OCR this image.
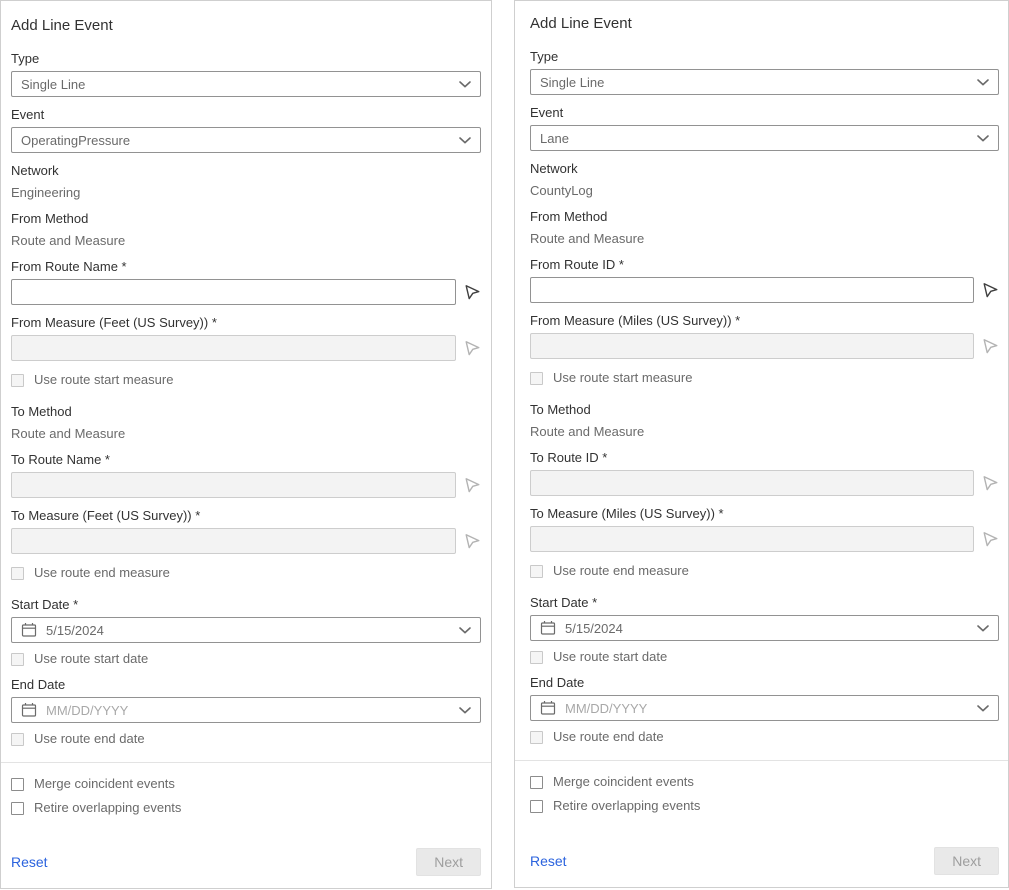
Add Line Event
Type
Single Line
Event
OperatingPressure
Network
Engineering
From Method
Route and Measure
From Route Name *
From Measure (Feet (US Survey)) *
Use route start measure
To Method
Route and Measure
To Route Name *
To Measure (Feet (US Survey)) *
Use route end measure
Start Date *
5/15/2024
Use route start date
End Date
MM/DD/YYYY
Use route end date
Merge coincident events
Retire overlapping events
Reset	Next
Add Line Event
Type
Single Line
Event
Lane
Network
CountyLog
From Method
Route and Measure
From Route ID *
From Measure (Miles (US Survey)) *
Use route start measure
To Method
Route and Measure
To Route ID *
To Measure (Miles (US Survey)) *
Use route end measure
Start Date *
5/15/2024
Use route start date
End Date
MM/DD/YYYY
Use route end date
Merge coincident events
Retire overlapping events
Reset	Next
